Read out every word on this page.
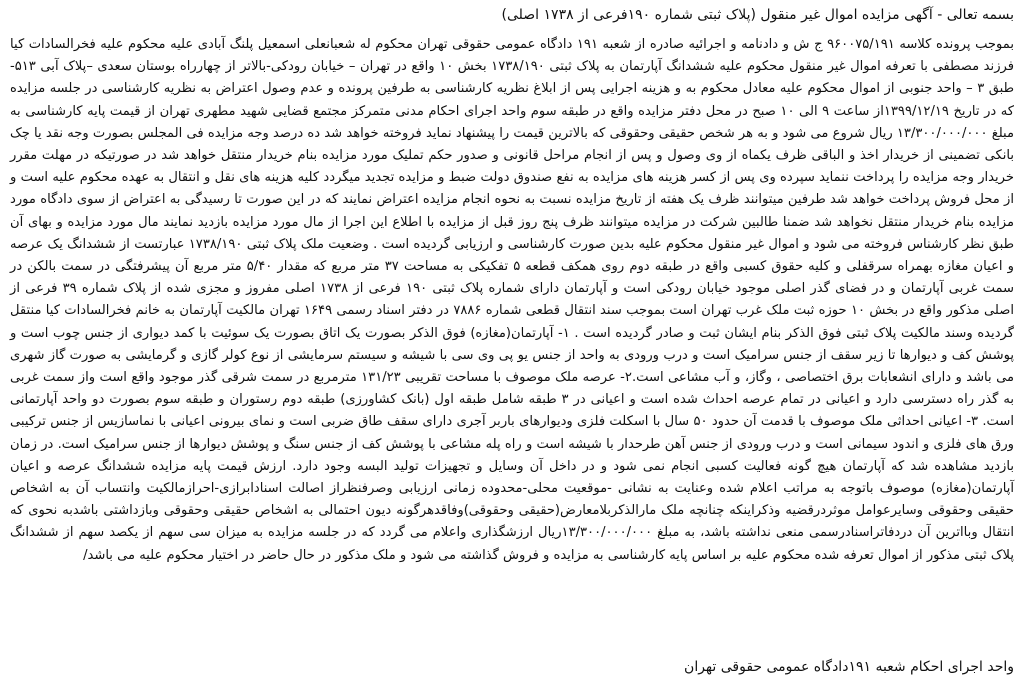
بسمه تعالی - آگهی مزایده اموال غیر منقول (پلاک ثبتی شماره ۱۹۰فرعی از ۱۷۳۸ اصلی)

بموجب پرونده کلاسه ۹۶۰۰۷۵/۱۹۱ ج ش و دادنامه و اجرائیه صادره از شعبه ۱۹۱ دادگاه عمومی حقوقی تهران محکوم له شعبانعلی اسمعیل پلنگ آبادی علیه محکوم علیه فخرالسادات کیا فرزند مصطفی با تعرفه اموال غیر منقول محکوم علیه ششدانگ آپارتمان به پلاک ثبتی ۱۷۳۸/۱۹۰ بخش ۱۰ واقع در تهران – خیابان رودکی-بالاتر از چهارراه بوستان سعدی –پلاک آبی ۵۱۳- طبق ۳ – واحد جنوبی از اموال محکوم علیه معادل محکوم به و هزینه اجرایی پس از ابلاغ نظریه کارشناسی به طرفین پرونده و عدم وصول اعتراض به نظریه کارشناسی در جلسه مزایده که در تاریخ ۱۳۹۹/۱۲/۱۹از ساعت ۹ الی ۱۰ صبح در محل دفتر مزایده واقع در طبقه سوم واحد اجرای احکام مدنی متمرکز مجتمع قضایی شهید مطهری تهران از قیمت پایه کارشناسی به مبلغ ۱۳/۳۰۰/۰۰۰/۰۰۰ ریال شروع می شود و به هر شخص حقیقی وحقوقی که بالاترین قیمت را پیشنهاد نماید فروخته خواهد شد ده درصد وجه مزایده فی المجلس بصورت وجه نقد یا چک بانکی تضمینی از خریدار اخذ و الباقی ظرف یکماه از وی وصول و پس از انجام مراحل قانونی و صدور حکم تملیک مورد مزایده بنام خریدار منتقل خواهد شد در صورتیکه در مهلت مقرر خریدار وجه مزایده را پرداخت ننماید سپرده وی پس از کسر هزینه های مزایده به نفع صندوق دولت ضبط و مزایده تجدید میگردد کلیه هزینه های نقل و انتقال به عهده محکوم علیه است و از محل فروش پرداخت خواهد شد طرفین میتوانند ظرف یک هفته از تاریخ مزایده نسبت به نحوه انجام مزایده اعتراض نمایند که در این صورت تا رسیدگی به اعتراض از سوی دادگاه مورد مزایده بنام خریدار منتقل نخواهد شد ضمنا طالبین شرکت در مزایده میتوانند ظرف پنج روز قبل از مزایده با اطلاع این اجرا از مال مورد مزایده بازدید نمایند مال مورد مزایده و بهای آن طبق نظر کارشناس فروخته می شود و اموال غیر منقول محکوم علیه بدین صورت کارشناسی و ارزیابی گردیده است . وضعیت ملک پلاک ثبتی ۱۷۳۸/۱۹۰ عبارتست از ششدانگ یک عرصه و اعیان مغازه بهمراه سرقفلی و کلیه حقوق کسبی واقع در طبقه دوم روی همکف قطعه ۵ تفکیکی به مساحت ۳۷ متر مربع که مقدار ۵/۴۰ متر مربع آن پیشرفتگی در سمت بالکن در سمت غربی آپارتمان و در فضای گذر اصلی موجود خیابان رودکی است و آپارتمان دارای شماره پلاک ثبتی ۱۹۰ فرعی از ۱۷۳۸ اصلی مفروز و مجزی شده از پلاک شماره ۳۹ فرعی از اصلی مذکور واقع در بخش ۱۰ حوزه ثبت ملک غرب تهران است بموجب سند انتقال قطعی شماره ۷۸۸۶ در دفتر اسناد رسمی ۱۶۴۹ تهران مالکیت آپارتمان به خانم فخرالسادات کیا منتقل گردیده وسند مالکیت پلاک ثبتی فوق الذکر بنام ایشان ثبت و صادر گردیده است . ۱- آپارتمان(مغازه) فوق الذکر بصورت یک اتاق بصورت یک سوئیت با کمد دیواری از جنس چوب است و پوشش کف و دیوارها تا زیر سقف از جنس سرامیک است و درب ورودی به واحد از جنس یو پی وی سی با شیشه و سیستم سرمایشی از نوع کولر گازی و گرمایشی به صورت گاز شهری می باشد و دارای انشعابات برق اختصاصی ، وگاز، و آب مشاعی است.۲- عرصه ملک موصوف با مساحت تقریبی ۱۳۱/۲۳ مترمربع در سمت شرقی گذر موجود واقع است واز سمت غربی به گذر راه دسترسی دارد و اعیانی در تمام عرصه احداث شده است و اعیانی در ۳ طبقه شامل طبقه اول (بانک کشاورزی) طبقه دوم رستوران و طبقه سوم بصورت دو واحد آپارتمانی است. ۳- اعیانی احداثی ملک موصوف با قدمت آن حدود ۵۰ سال با اسکلت فلزی ودیوارهای باربر آجری دارای سقف طاق ضربی است و نمای بیرونی اعیانی با نماسازیس از جنس ترکیبی ورق های فلزی و اندود سیمانی است و درب ورودی از جنس آهن طرحدار با شیشه است و راه پله مشاعی با پوشش کف از جنس سنگ و پوشش دیوارها از جنس سرامیک است. در زمان بازدید مشاهده شد که آپارتمان هیچ گونه فعالیت کسبی انجام نمی شود و در داخل آن وسایل و تجهیزات تولید البسه وجود دارد. ارزش قیمت پایه مزایده ششدانگ عرصه و اعیان آپارتمان(مغازه) موصوف باتوجه به مراتب اعلام شده وعنایت به نشانی -موقعیت محلی-محدوده زمانی ارزیابی وصرفنظراز اصالت اسنادابرازی-احرازمالکیت وانتساب آن به اشخاص حقیقی وحقوقی وسایرعوامل موثردرقضیه وذکراینکه چنانچه ملک مارالذکربلامعارض(حقیقی وحقوقی)وفاقدهرگونه دیون احتمالی به اشخاص حقیقی وحقوقی وبازداشتی باشدبه نحوی که انتقال وبااترین آن دردفاتراسنادرسمی منعی نداشته باشد، به مبلغ ۱۳/۳۰۰/۰۰۰/۰۰۰ریال ارزشگذاری واعلام می گردد که در جلسه مزایده به میزان سی سهم از یکصد سهم از ششدانگ پلاک ثبتی مذکور از اموال تعرفه شده محکوم علیه بر اساس پایه کارشناسی به مزایده و فروش گذاشته می شود و ملک مذکور در حال حاضر در اختیار محکوم علیه می باشد/

واحد اجرای احکام شعبه ۱۹۱دادگاه عمومی حقوقی تهران
